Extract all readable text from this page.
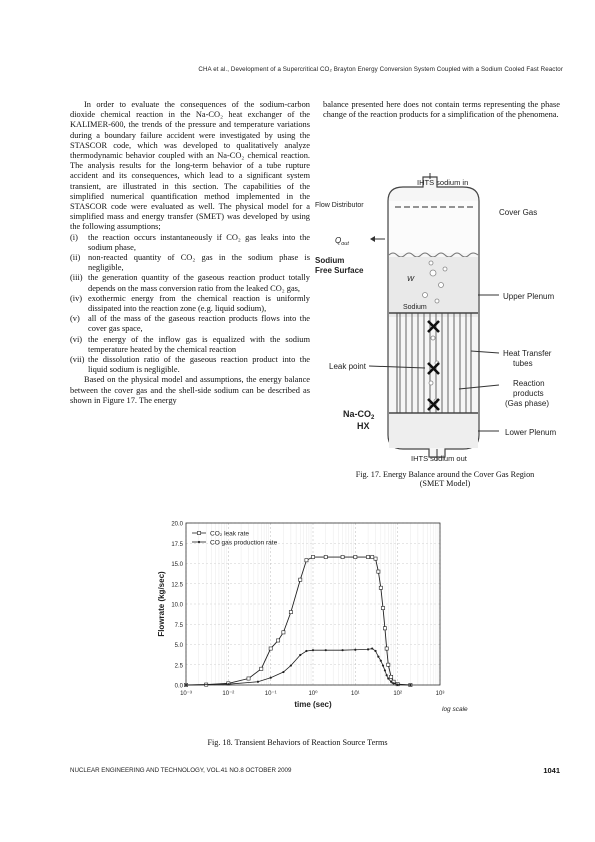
CHA et al., Development of a Supercritical CO₂ Brayton Energy Conversion System Coupled with a Sodium Cooled Fast Reactor

In order to evaluate the consequences of the sodium-carbon dioxide chemical reaction in the Na-CO₂ heat exchanger of the KALIMER-600, the trends of the pressure and temperature variations during a boundary failure accident were investigated by using the STASCOR code, which was developed to qualitatively analyze thermodynamic behavior coupled with an Na-CO₂ chemical reaction. The analysis results for the long-term behavior of a tube rupture accident and its consequences, which lead to a significant system transient, are illustrated in this section. The capabilities of the simplified numerical quantification method implemented in the STASCOR code were evaluated as well. The physical model for a simplified mass and energy transfer (SMET) was developed by using the following assumptions;

(i) the reaction occurs instantaneously if CO₂ gas leaks into the sodium phase,
(ii) non-reacted quantity of CO₂ gas in the sodium phase is negligible,
(iii) the generation quantity of the gaseous reaction product totally depends on the mass conversion ratio from the leaked CO₂ gas,
(iv) exothermic energy from the chemical reaction is uniformly dissipated into the reaction zone (e.g. liquid sodium),
(v) all of the mass of the gaseous reaction products flows into the cover gas space,
(vi) the energy of the inflow gas is equalized with the sodium temperature heated by the chemical reaction
(vii) the dissolution ratio of the gaseous reaction product into the liquid sodium is negligible.

Based on the physical model and assumptions, the energy balance between the cover gas and the shell-side sodium can be described as shown in Figure 17. The energy

balance presented here does not contain terms representing the phase change of the reaction products for a simplification of the phenomena.

IHTS sodium in
Flow Distributor
Cover Gas
$Q_{out}$
Sodium
Free Surface
W
Sodium
Upper Plenum
Leak point
Heat Transfer
tubes
Reaction
products
(Gas phase)
$Na-CO_2$
HX
Lower Plenum
IHTS sodium out
Fig. 17. Energy Balance around the Cover Gas Region
(SMET Model)
0.0
2.5
5.0
7.5
10.0
12.5
15.0
17.5
20.0
10⁻³	10⁻²	10⁻¹	10⁰	10¹	10²	10³
time (sec)
Flowrate (kg/sec)
log scale
CO₂ leak rate
CO gas production rate
Fig. 18. Transient Behaviors of Reaction Source Terms
NUCLEAR ENGINEERING AND TECHNOLOGY, VOL.41 NO.8 OCTOBER 2009	1041
